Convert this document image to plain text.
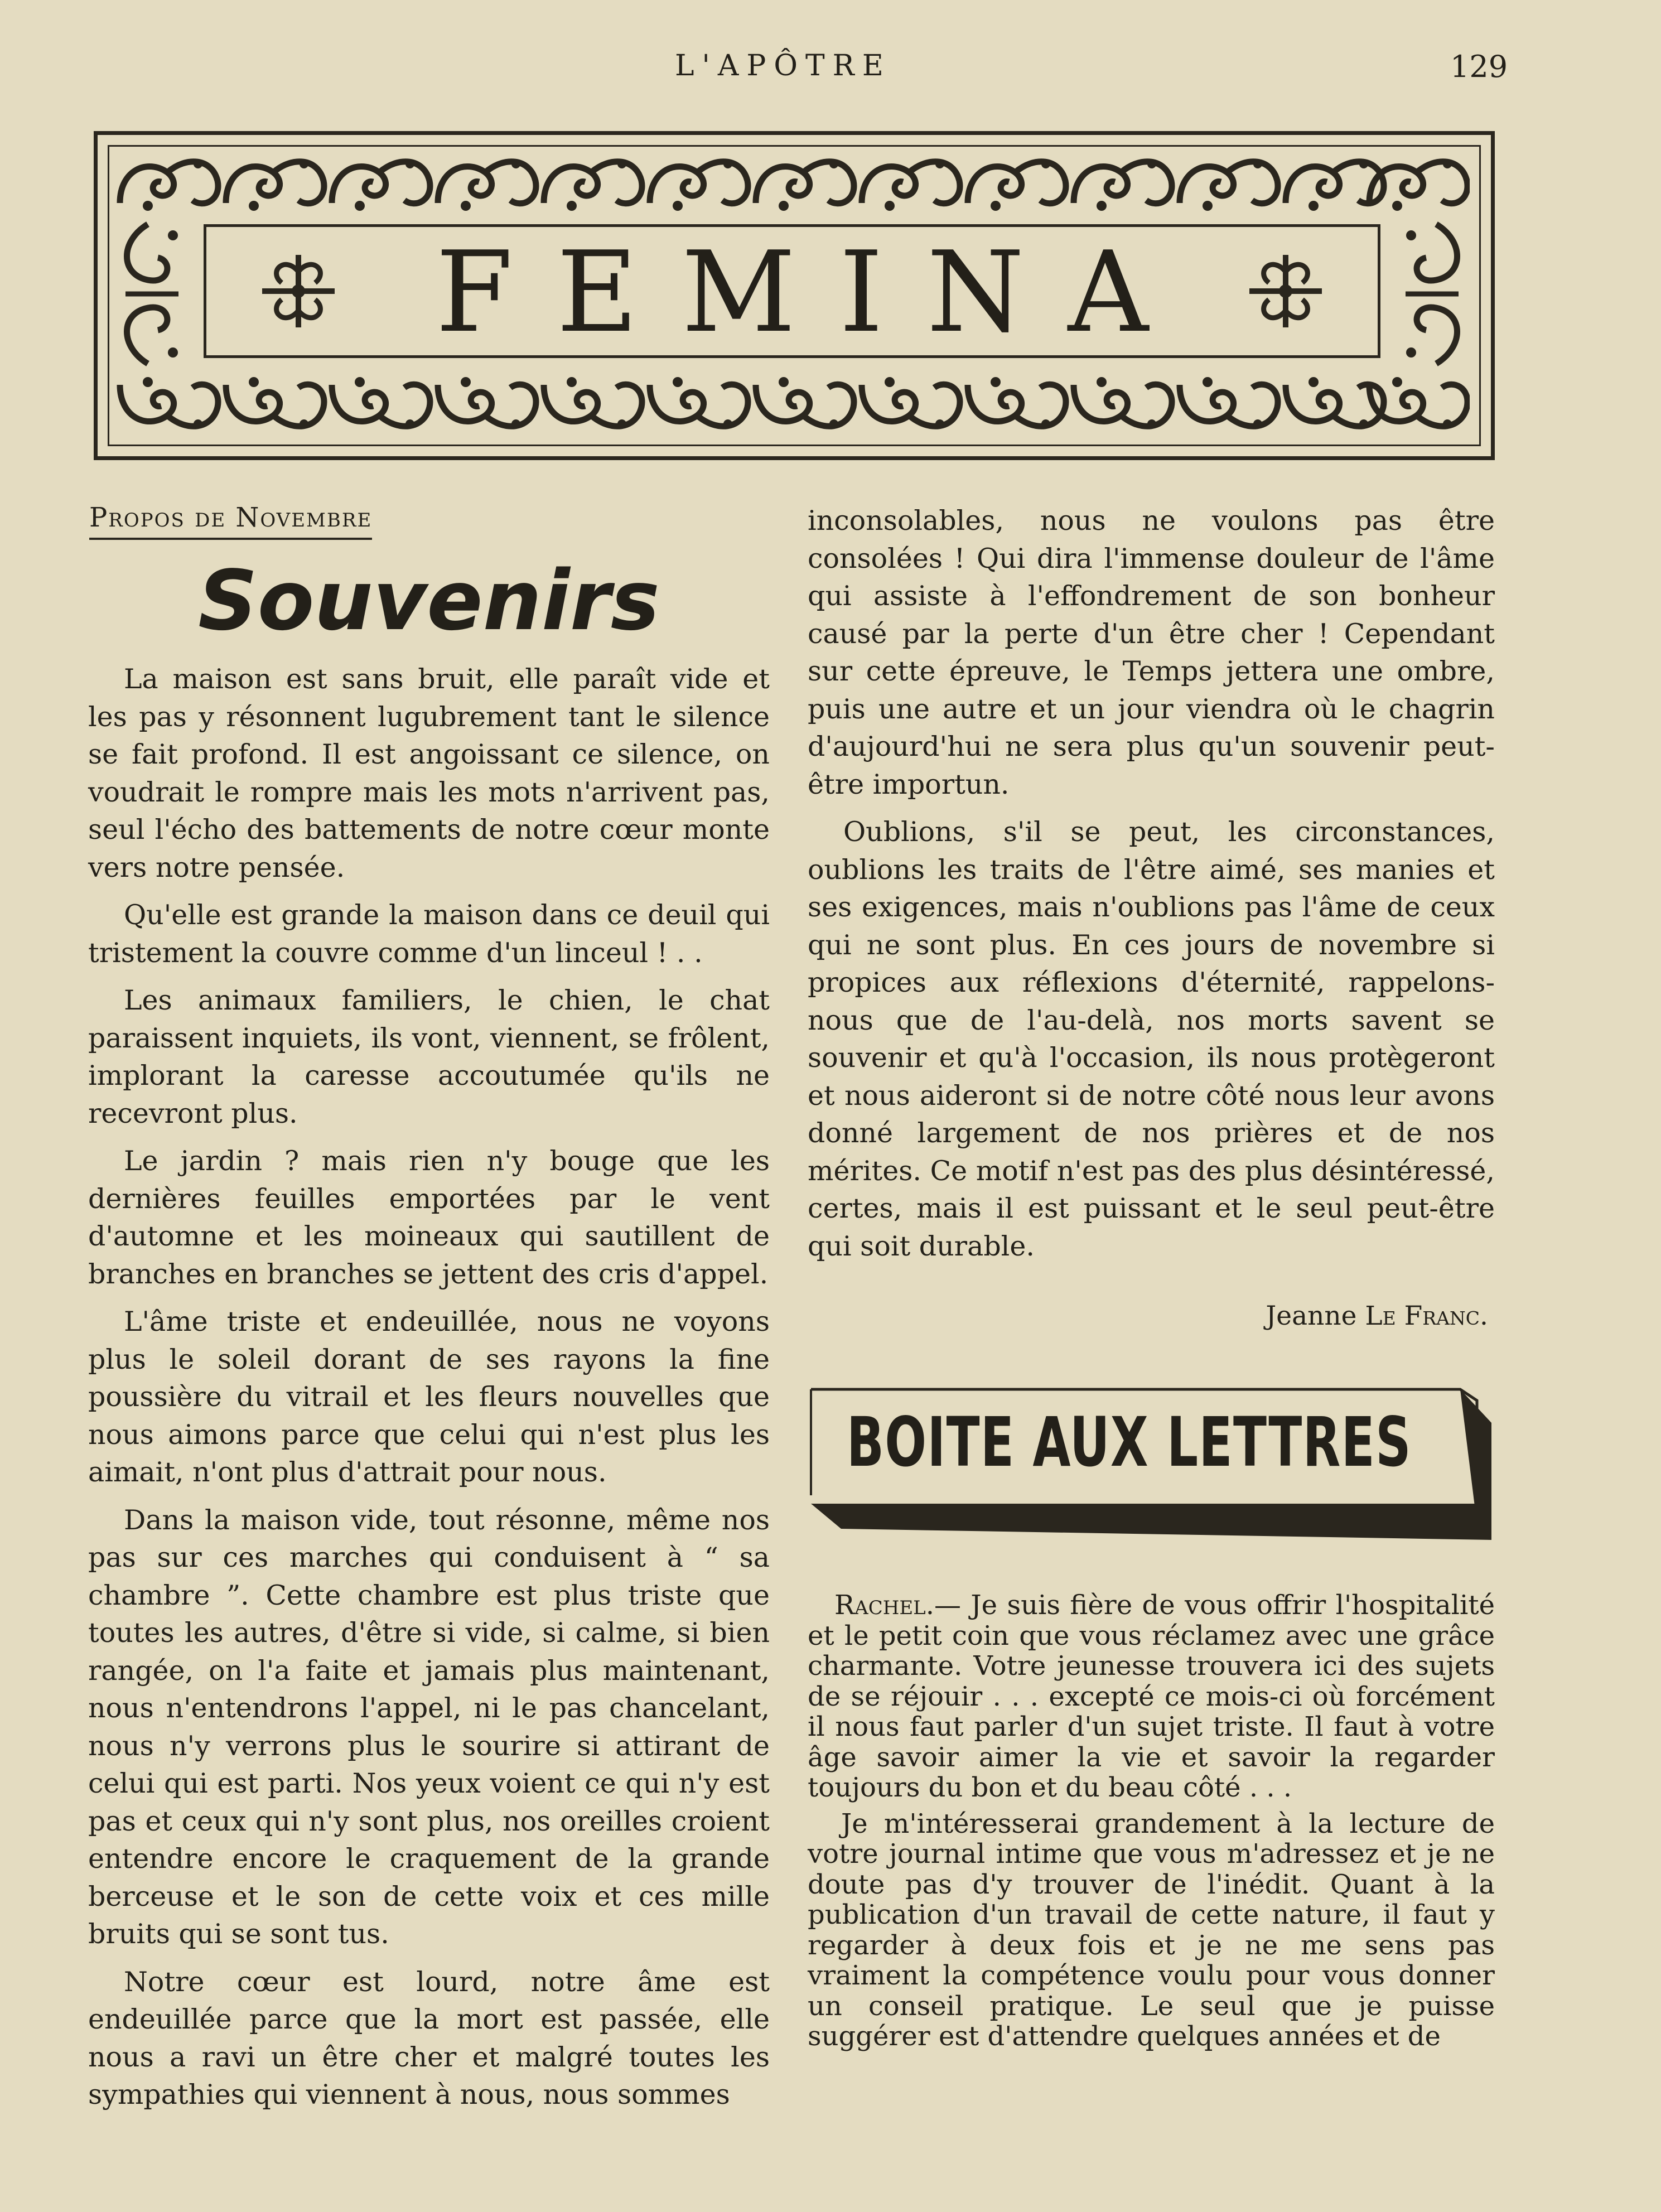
L'APÔTRE	129
FEMINA
Propos de Novembre
Souvenirs

La maison est sans bruit, elle paraît vide et les pas y résonnent lugubrement tant le silence se fait profond. Il est angoissant ce silence, on voudrait le rompre mais les mots n'arrivent pas, seul l'écho des battements de notre cœur monte vers notre pensée.

Qu'elle est grande la maison dans ce deuil qui tristement la couvre comme d'un linceul ! . .

Les animaux familiers, le chien, le chat paraissent inquiets, ils vont, viennent, se frôlent, implorant la caresse accoutumée qu'ils ne recevront plus.

Le jardin ? mais rien n'y bouge que les dernières feuilles emportées par le vent d'automne et les moineaux qui sautillent de branches en branches se jettent des cris d'appel.

L'âme triste et endeuillée, nous ne voyons plus le soleil dorant de ses rayons la fine poussière du vitrail et les fleurs nouvelles que nous aimons parce que celui qui n'est plus les aimait, n'ont plus d'attrait pour nous.

Dans la maison vide, tout résonne, même nos pas sur ces marches qui conduisent à “ sa chambre ”. Cette chambre est plus triste que toutes les autres, d'être si vide, si calme, si bien rangée, on l'a faite et jamais plus maintenant, nous n'entendrons l'appel, ni le pas chancelant, nous n'y verrons plus le sourire si attirant de celui qui est parti. Nos yeux voient ce qui n'y est pas et ceux qui n'y sont plus, nos oreilles croient entendre encore le craquement de la grande berceuse et le son de cette voix et ces mille bruits qui se sont tus.

Notre cœur est lourd, notre âme est endeuillée parce que la mort est passée, elle nous a ravi un être cher et malgré toutes les sympathies qui viennent à nous, nous sommes

inconsolables, nous ne voulons pas être consolées ! Qui dira l'immense douleur de l'âme qui assiste à l'effondrement de son bonheur causé par la perte d'un être cher ! Cependant sur cette épreuve, le Temps jettera une ombre, puis une autre et un jour viendra où le chagrin d'aujourd'hui ne sera plus qu'un souvenir peut-être importun.

Oublions, s'il se peut, les circonstances, oublions les traits de l'être aimé, ses manies et ses exigences, mais n'oublions pas l'âme de ceux qui ne sont plus. En ces jours de novembre si propices aux réflexions d'éternité, rappelons-nous que de l'au-delà, nos morts savent se souvenir et qu'à l'occasion, ils nous protègeront et nous aideront si de notre côté nous leur avons donné largement de nos prières et de nos mérites. Ce motif n'est pas des plus désintéressé, certes, mais il est puissant et le seul peut-être qui soit durable.

Jeanne Le Franc.
BOITE AUX LETTRES

Rachel.— Je suis fière de vous offrir l'hospitalité et le petit coin que vous réclamez avec une grâce charmante. Votre jeunesse trouvera ici des sujets de se réjouir . . . excepté ce mois-ci où forcément il nous faut parler d'un sujet triste. Il faut à votre âge savoir aimer la vie et savoir la regarder toujours du bon et du beau côté . . .

Je m'intéresserai grandement à la lecture de votre journal intime que vous m'adressez et je ne doute pas d'y trouver de l'inédit. Quant à la publication d'un travail de cette nature, il faut y regarder à deux fois et je ne me sens pas vraiment la compétence voulu pour vous donner un conseil pratique. Le seul que je puisse suggérer est d'attendre quelques années et de
